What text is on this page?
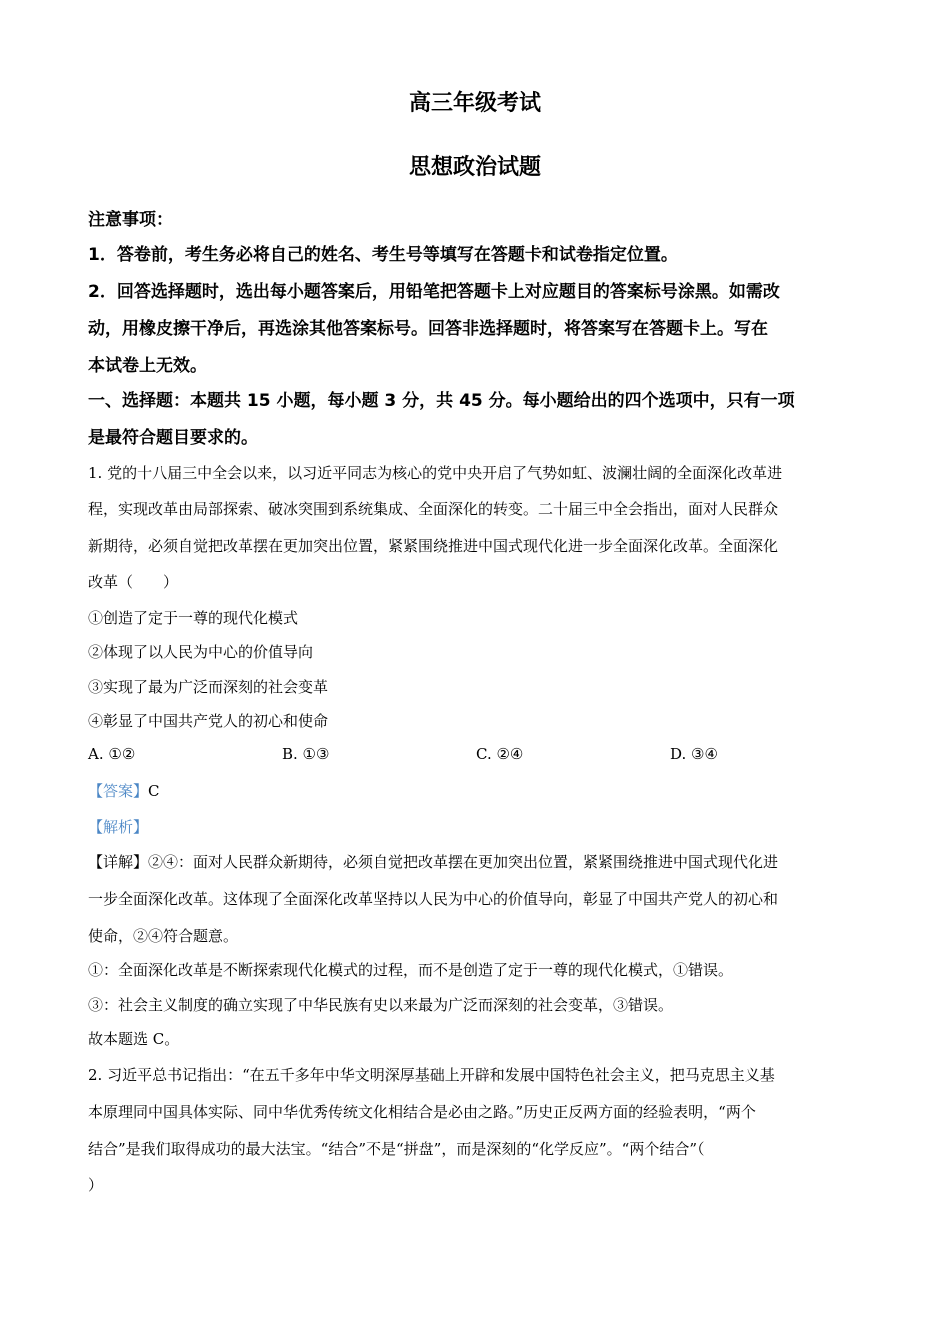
高三年级考试
思想政治试题
注意事项：
1．答卷前，考生务必将自己的姓名、考生号等填写在答题卡和试卷指定位置。
2．回答选择题时，选出每小题答案后，用铅笔把答题卡上对应题目的答案标号涂黑。如需改
动，用橡皮擦干净后，再选涂其他答案标号。回答非选择题时，将答案写在答题卡上。写在
本试卷上无效。
一、选择题：本题共 15 小题，每小题 3 分，共 45 分。每小题给出的四个选项中，只有一项
是最符合题目要求的。
1. 党的十八届三中全会以来，以习近平同志为核心的党中央开启了气势如虹、波澜壮阔的全面深化改革进
程，实现改革由局部探索、破冰突围到系统集成、全面深化的转变。二十届三中全会指出，面对人民群众
新期待，必须自觉把改革摆在更加突出位置，紧紧围绕推进中国式现代化进一步全面深化改革。全面深化
改革（　　）
①创造了定于一尊的现代化模式
②体现了以人民为中心的价值导向
③实现了最为广泛而深刻的社会变革
④彰显了中国共产党人的初心和使命
A. ①②	B. ①③	C. ②④	D. ③④
【答案】C
【解析】
【详解】②④：面对人民群众新期待，必须自觉把改革摆在更加突出位置，紧紧围绕推进中国式现代化进
一步全面深化改革。这体现了全面深化改革坚持以人民为中心的价值导向，彰显了中国共产党人的初心和
使命，②④符合题意。
①：全面深化改革是不断探索现代化模式的过程，而不是创造了定于一尊的现代化模式，①错误。
③：社会主义制度的确立实现了中华民族有史以来最为广泛而深刻的社会变革，③错误。
故本题选 C。
2. 习近平总书记指出：“在五千多年中华文明深厚基础上开辟和发展中国特色社会主义，把马克思主义基
本原理同中国具体实际、同中华优秀传统文化相结合是必由之路。”历史正反两方面的经验表明，“两个
结合”是我们取得成功的最大法宝。“结合”不是“拼盘”，而是深刻的“化学反应”。“两个结合”（
）
